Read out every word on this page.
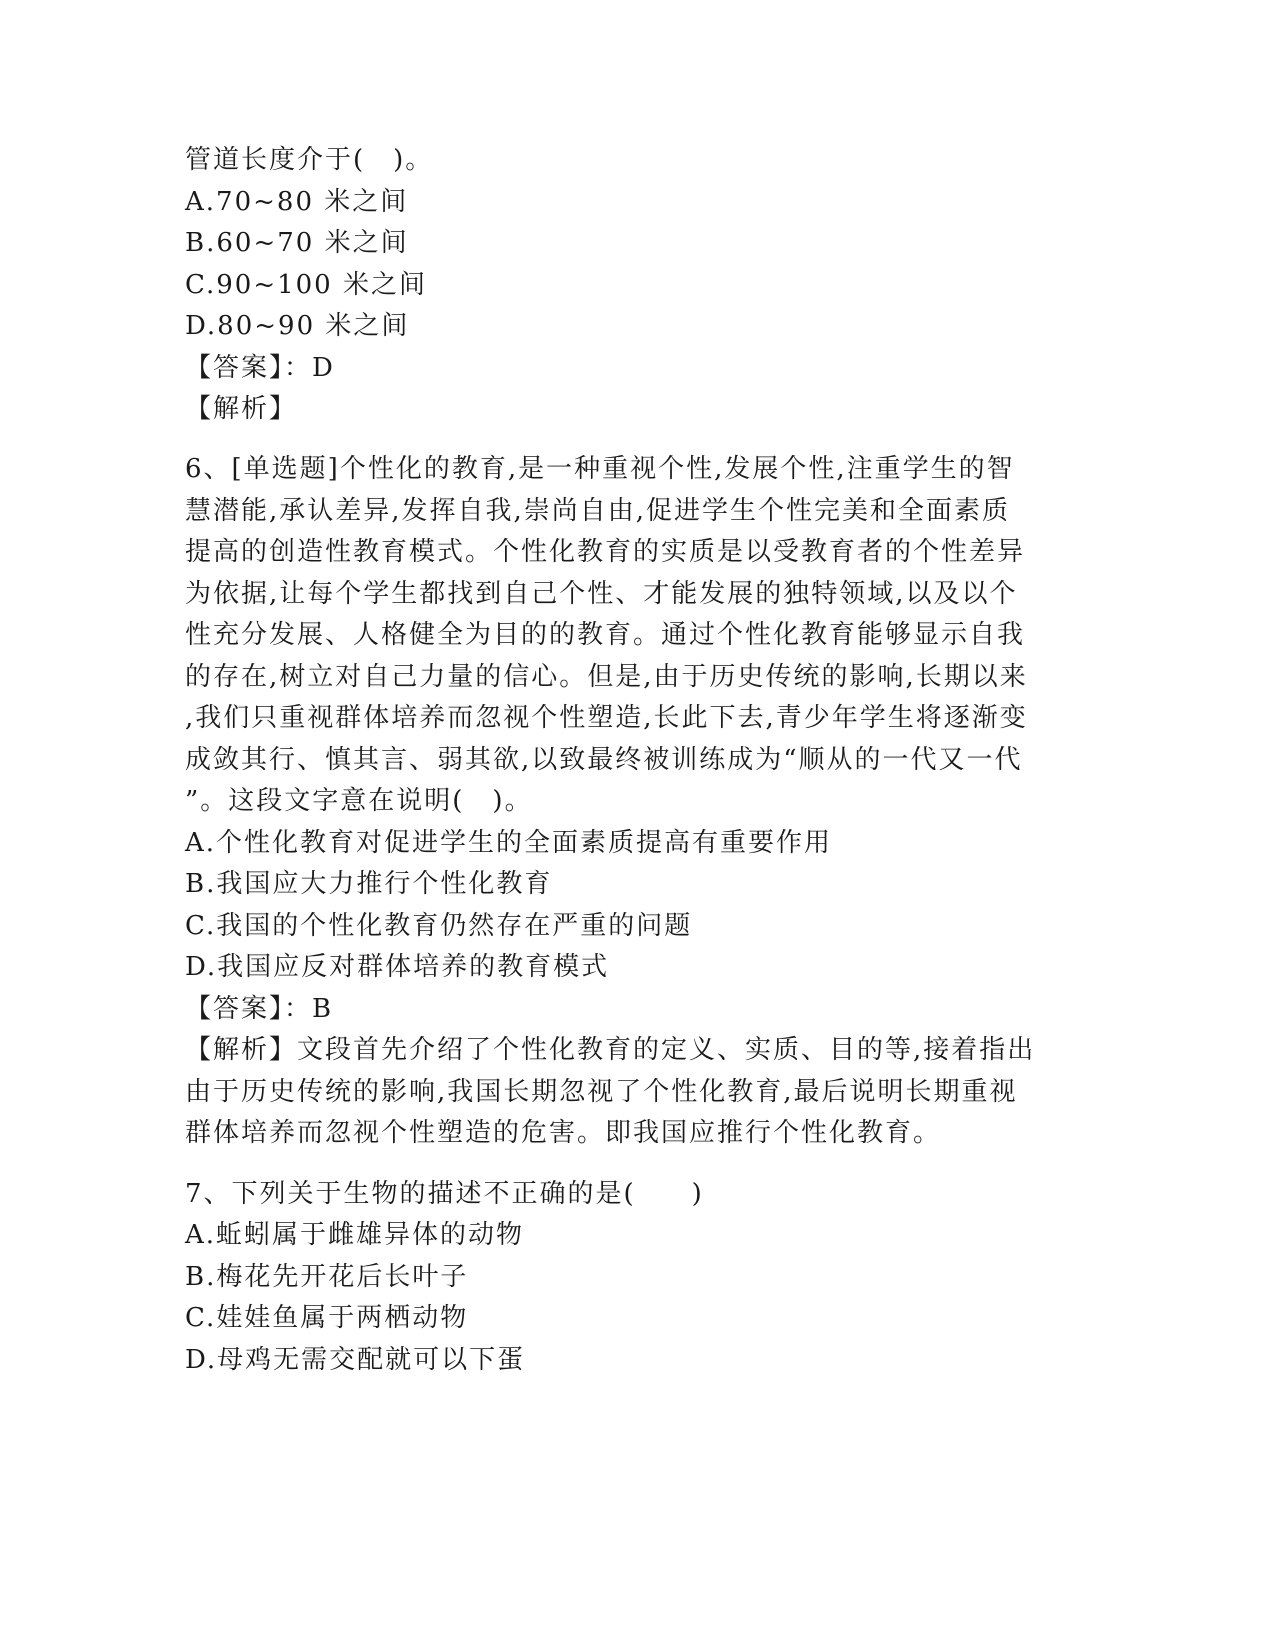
管道长度介于(　)。
A.70~80 米之间
B.60~70 米之间
C.90~100 米之间
D.80~90 米之间
【答案】：D
【解析】
6、[单选题]个性化的教育,是一种重视个性,发展个性,注重学生的智
慧潜能,承认差异,发挥自我,崇尚自由,促进学生个性完美和全面素质
提高的创造性教育模式。个性化教育的实质是以受教育者的个性差异
为依据,让每个学生都找到自己个性、才能发展的独特领域,以及以个
性充分发展、人格健全为目的的教育。通过个性化教育能够显示自我
的存在,树立对自己力量的信心。但是,由于历史传统的影响,长期以来
,我们只重视群体培养而忽视个性塑造,长此下去,青少年学生将逐渐变
成敛其行、慎其言、弱其欲,以致最终被训练成为“顺从的一代又一代
”。这段文字意在说明(　)。
A.个性化教育对促进学生的全面素质提高有重要作用
B.我国应大力推行个性化教育
C.我国的个性化教育仍然存在严重的问题
D.我国应反对群体培养的教育模式
【答案】：B
【解析】文段首先介绍了个性化教育的定义、实质、目的等,接着指出
由于历史传统的影响,我国长期忽视了个性化教育,最后说明长期重视
群体培养而忽视个性塑造的危害。即我国应推行个性化教育。
7、下列关于生物的描述不正确的是(　　)
A.蚯蚓属于雌雄异体的动物
B.梅花先开花后长叶子
C.娃娃鱼属于两栖动物
D.母鸡无需交配就可以下蛋
